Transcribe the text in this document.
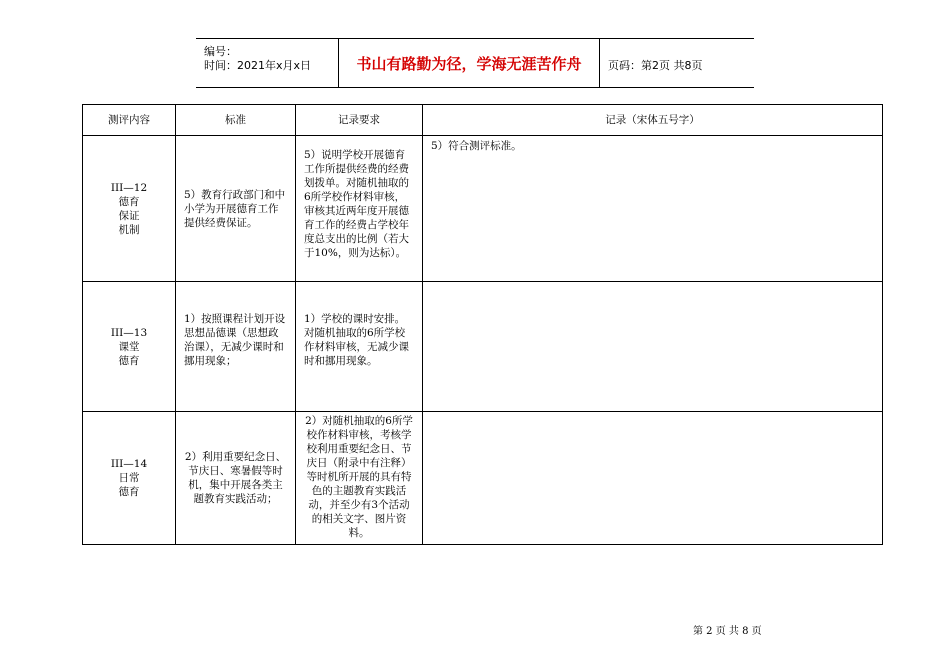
编号：
时间：2021年x月x日	书山有路勤为径，学海无涯苦作舟	页码：第2页 共8页
测评内容	标准	记录要求	记录（宋体五号字）

III—12
德育
保证
机制	5）教育行政部门和中小学为开展德育工作提供经费保证。	5）说明学校开展德育工作所提供经费的经费划拨单。对随机抽取的6所学校作材料审核，审核其近两年度开展德育工作的经费占学校年度总支出的比例（若大于10%，则为达标）。	5）符合测评标准。

III—13
课堂
德育	1）按照课程计划开设思想品德课（思想政治课），无减少课时和挪用现象；	1）学校的课时安排。对随机抽取的6所学校作材料审核，无减少课时和挪用现象。	

III—14
日常
德育	2）利用重要纪念日、节庆日、寒暑假等时机，集中开展各类主题教育实践活动；	2）对随机抽取的6所学校作材料审核，考核学校利用重要纪念日、节庆日（附录中有注释）等时机所开展的具有特色的主题教育实践活动，并至少有3个活动的相关文字、图片资料。	

第 2 页 共 8 页
